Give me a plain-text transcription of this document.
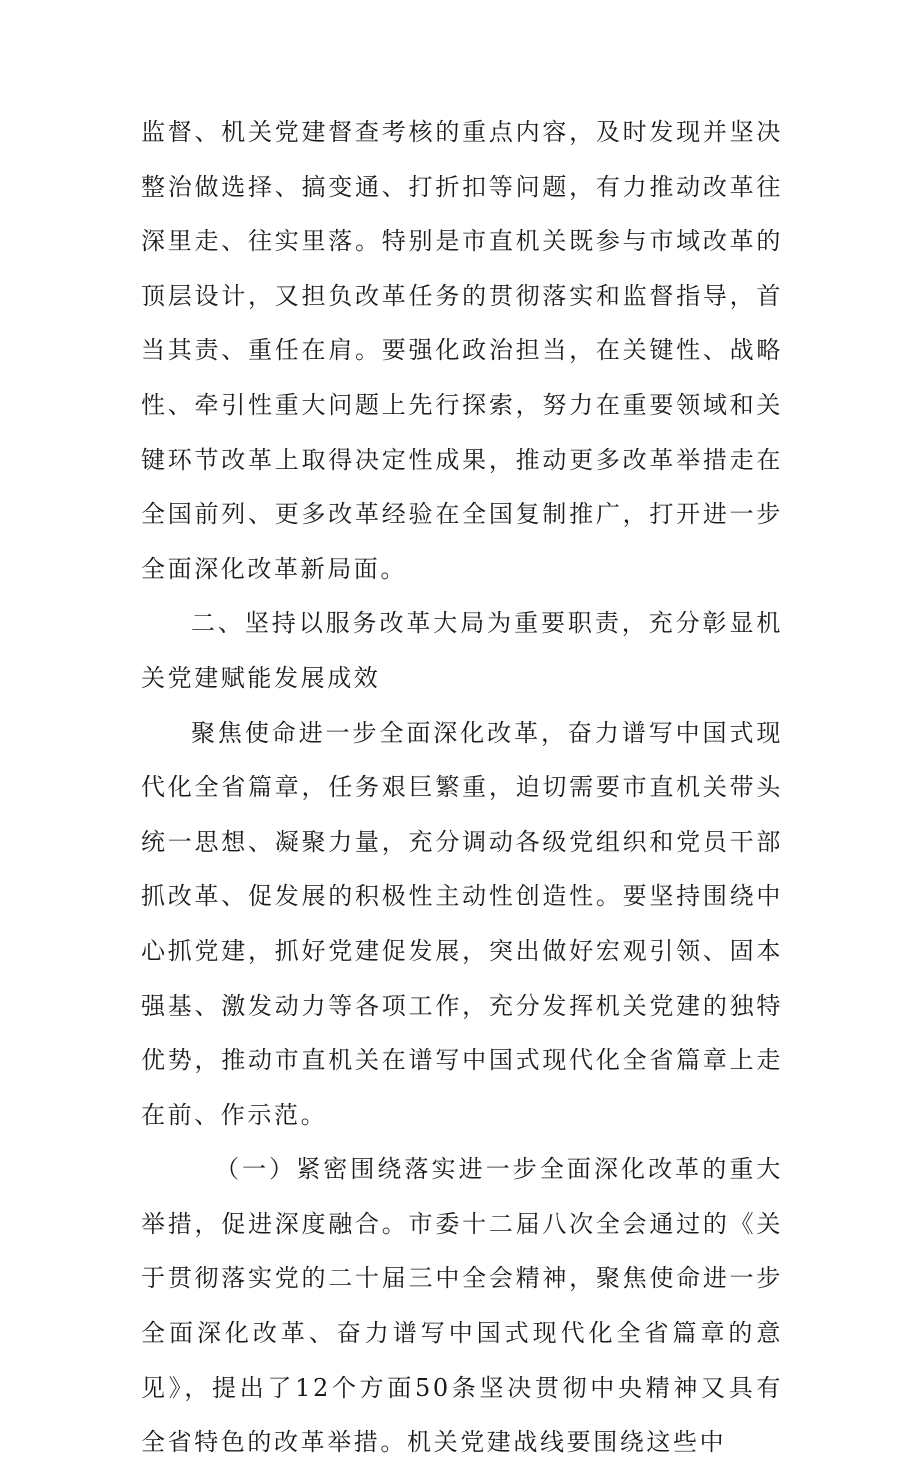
监督、机关党建督查考核的重点内容，及时发现并坚决整治做选择、搞变通、打折扣等问题，有力推动改革往深里走、往实里落。特别是市直机关既参与市域改革的顶层设计，又担负改革任务的贯彻落实和监督指导，首当其责、重任在肩。要强化政治担当，在关键性、战略性、牵引性重大问题上先行探索，努力在重要领域和关键环节改革上取得决定性成果，推动更多改革举措走在全国前列、更多改革经验在全国复制推广，打开进一步全面深化改革新局面。

二、坚持以服务改革大局为重要职责，充分彰显机关党建赋能发展成效

聚焦使命进一步全面深化改革，奋力谱写中国式现代化全省篇章，任务艰巨繁重，迫切需要市直机关带头统一思想、凝聚力量，充分调动各级党组织和党员干部抓改革、促发展的积极性主动性创造性。要坚持围绕中心抓党建，抓好党建促发展，突出做好宏观引领、固本强基、激发动力等各项工作，充分发挥机关党建的独特优势，推动市直机关在谱写中国式现代化全省篇章上走在前、作示范。

（一）紧密围绕落实进一步全面深化改革的重大举措，促进深度融合。市委十二届八次全会通过的《关于贯彻落实党的二十届三中全会精神，聚焦使命进一步全面深化改革、奋力谱写中国式现代化全省篇章的意见》，提出了12个方面50条坚决贯彻中央精神又具有全省特色的改革举措。机关党建战线要围绕这些中
